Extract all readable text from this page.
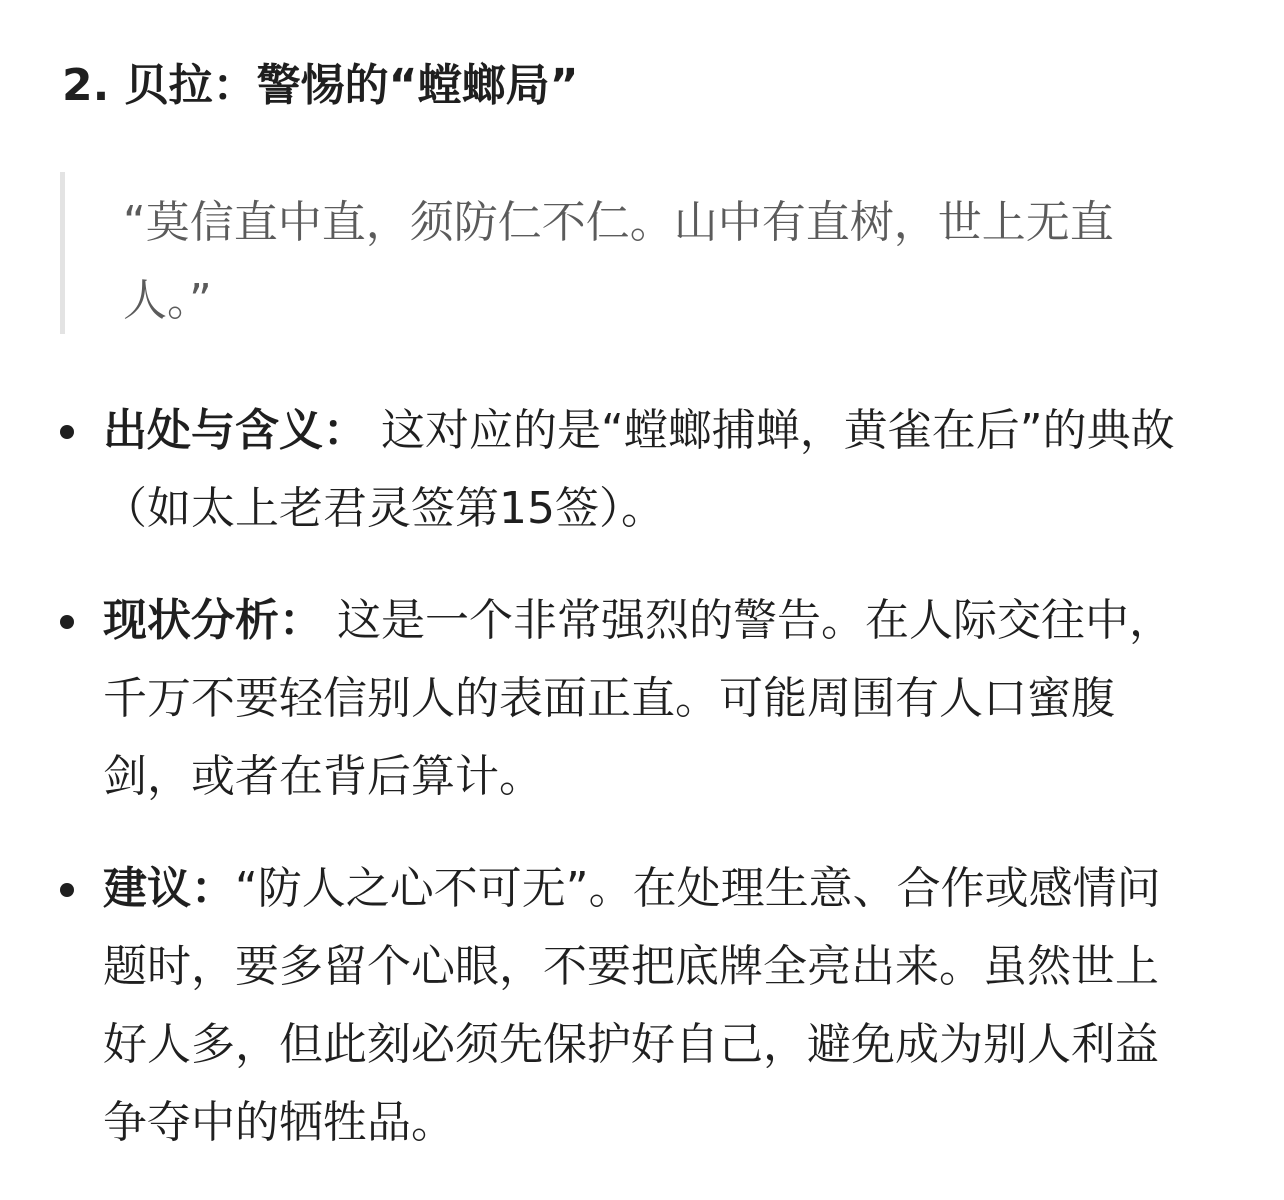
2. 贝拉：警惕的“螳螂局”

“莫信直中直，须防仁不仁。山中有直树，世上无直人。”

出处与含义： 这对应的是“螳螂捕蝉，黄雀在后”的典故（如太上老君灵签第15签）。

现状分析： 这是一个非常强烈的警告。在人际交往中，千万不要轻信别人的表面正直。可能周围有人口蜜腹剑，或者在背后算计。

建议：“防人之心不可无”。在处理生意、合作或感情问题时，要多留个心眼，不要把底牌全亮出来。虽然世上好人多，但此刻必须先保护好自己，避免成为别人利益争夺中的牺牲品。
